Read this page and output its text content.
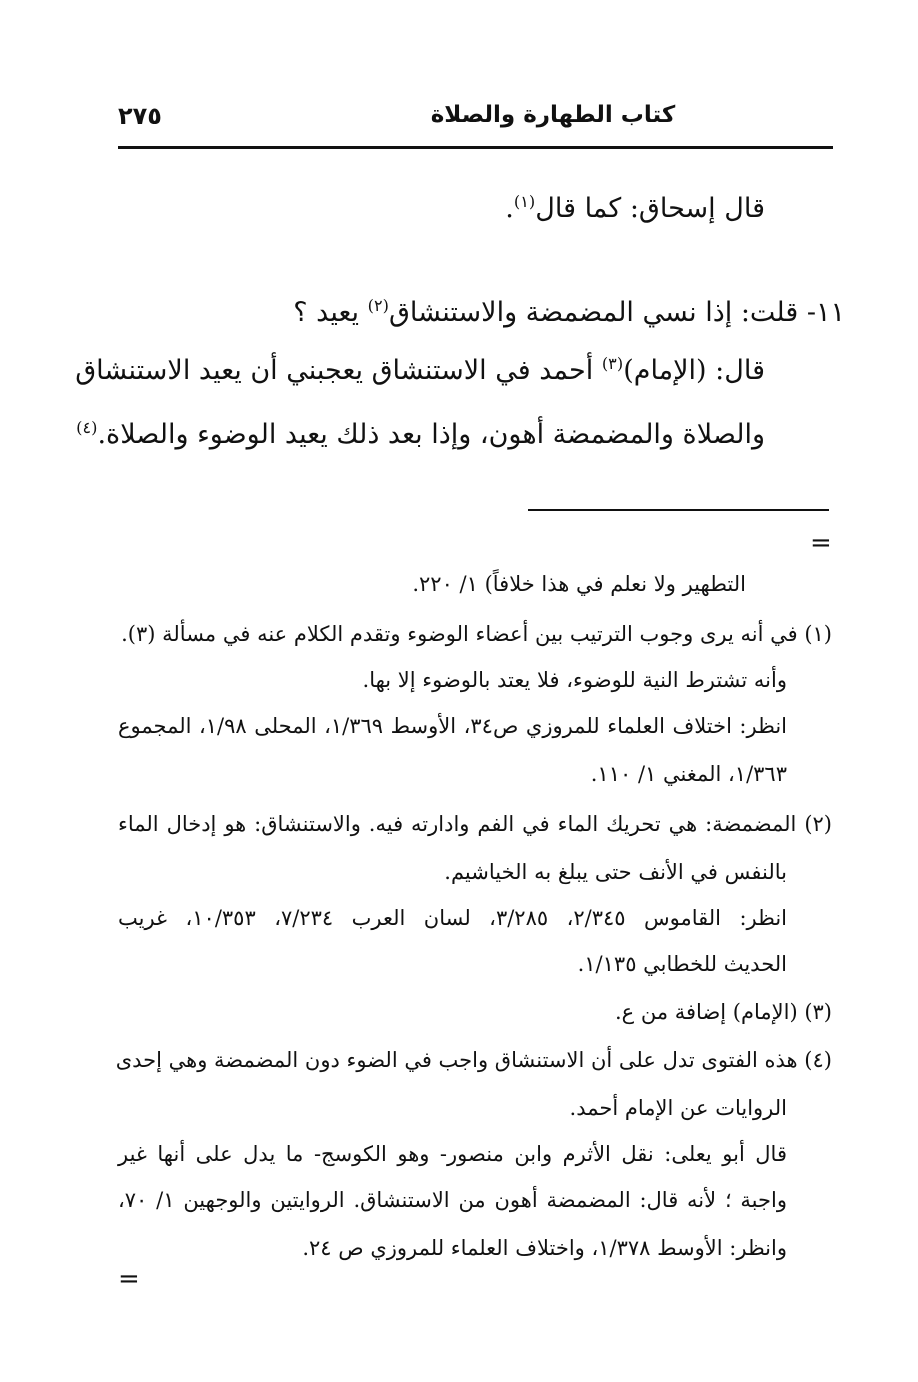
٢٧٥	كتاب الطهارة والصلاة
قال إسحاق: كما قال$^{(١)}$.
١١- قلت: إذا نسي المضمضة والاستنشاق$^{(٢)}$ يعيد ؟
قال: (الإمام)$^{(٣)}$ أحمد في الاستنشاق يعجبني أن يعيد الاستنشاق
والصلاة والمضمضة أهون، وإذا بعد ذلك يعيد الوضوء والصلاة.$^{(٤)}$
=
التطهير ولا نعلم في هذا خلافاً) ١/ ٢٢٠.
(١) في أنه يرى وجوب الترتيب بين أعضاء الوضوء وتقدم الكلام عنه في مسألة (٣).
وأنه تشترط النية للوضوء، فلا يعتد بالوضوء إلا بها.
انظر: اختلاف العلماء للمروزي ص٣٤، الأوسط ١/٣٦٩، المحلى ١/٩٨، المجموع
١/٣٦٣، المغني ١/ ١١٠.
(٢) المضمضة: هي تحريك الماء في الفم وادارته فيه. والاستنشاق: هو إدخال الماء
بالنفس في الأنف حتى يبلغ به الخياشيم.
انظر: القاموس ٢/٣٤٥، ٣/٢٨٥، لسان العرب ٧/٢٣٤، ١٠/٣٥٣، غريب
الحديث للخطابي ١/١٣٥.
(٣) (الإمام) إضافة من ع.
(٤) هذه الفتوى تدل على أن الاستنشاق واجب في الضوء دون المضمضة وهي إحدى
الروايات عن الإمام أحمد.
قال أبو يعلى: نقل الأثرم وابن منصور- وهو الكوسج- ما يدل على أنها غير
واجبة ؛ لأنه قال: المضمضة أهون من الاستنشاق. الروايتين والوجهين ١/ ٧٠،
وانظر: الأوسط ١/٣٧٨، واختلاف العلماء للمروزي ص ٢٤.
=
